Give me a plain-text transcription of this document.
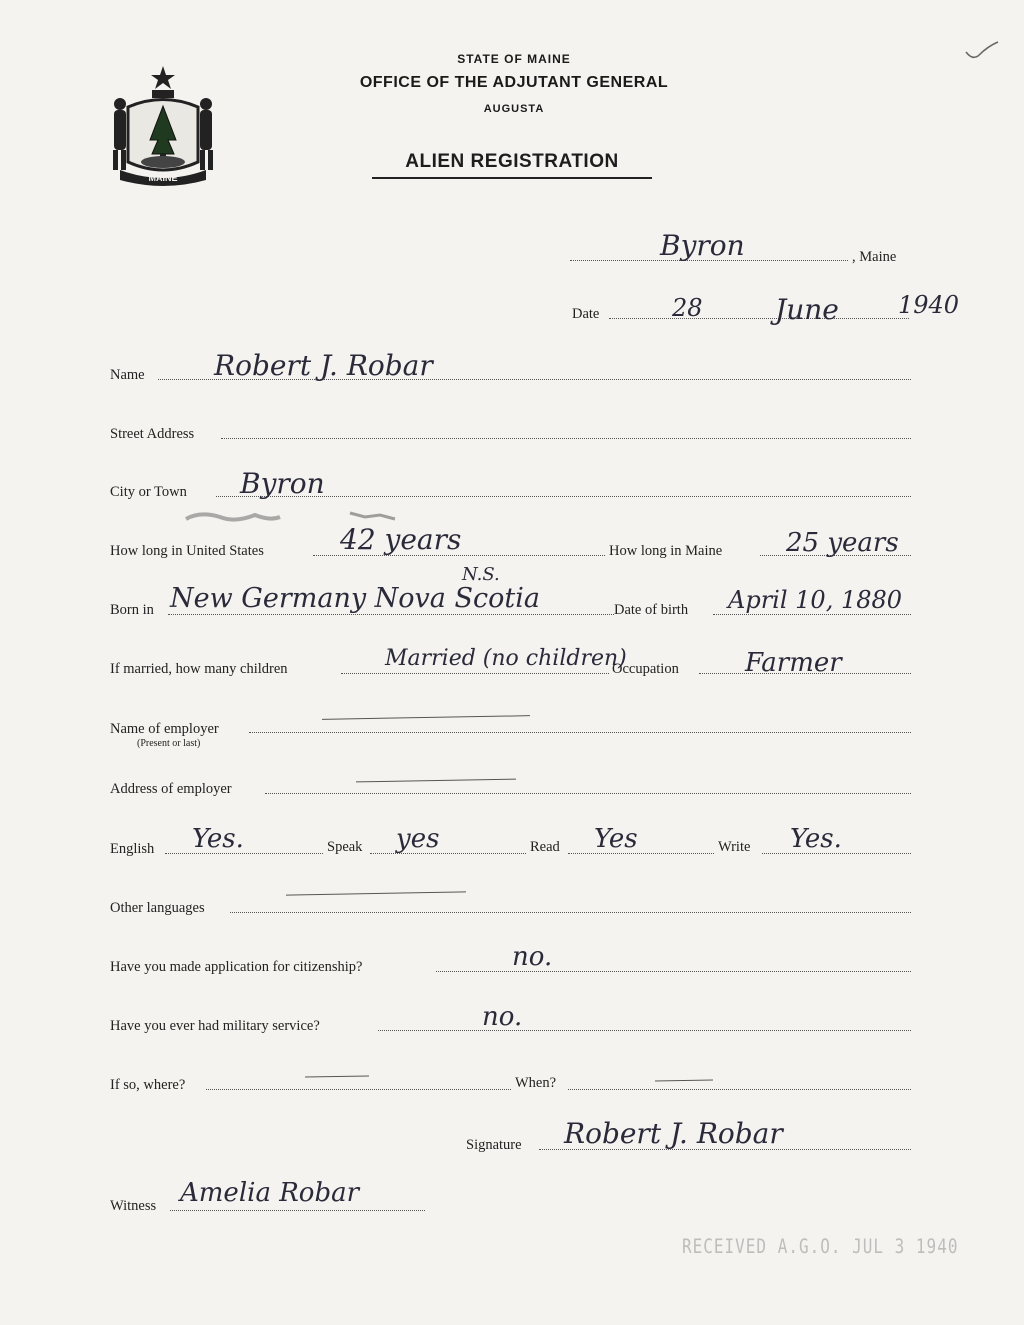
MAINE
STATE OF MAINE
OFFICE OF THE ADJUTANT GENERAL
AUGUSTA
ALIEN REGISTRATION
Byron	, Maine
Date	28	June 1940
Name Robert J. Robar
Street Address
City or Town Byron
How long in United States	42 years	How long in Maine 25 years
N.S.
Born in New Germany Nova Scotia	Date of birth April 10, 1880
If married, how many children	Married (no children)
Occupation	Farmer
Name of employer
(Present or last)
Address of employer
English Yes.	Speak yes	Read Yes	Write Yes.
Other languages
Have you made application for citizenship?	no.
Have you ever had military service?	no.
If so, where?	When?
Signature Robert J. Robar
Witness Amelia Robar
RECEIVED A.G.O. JUL 3 1940
